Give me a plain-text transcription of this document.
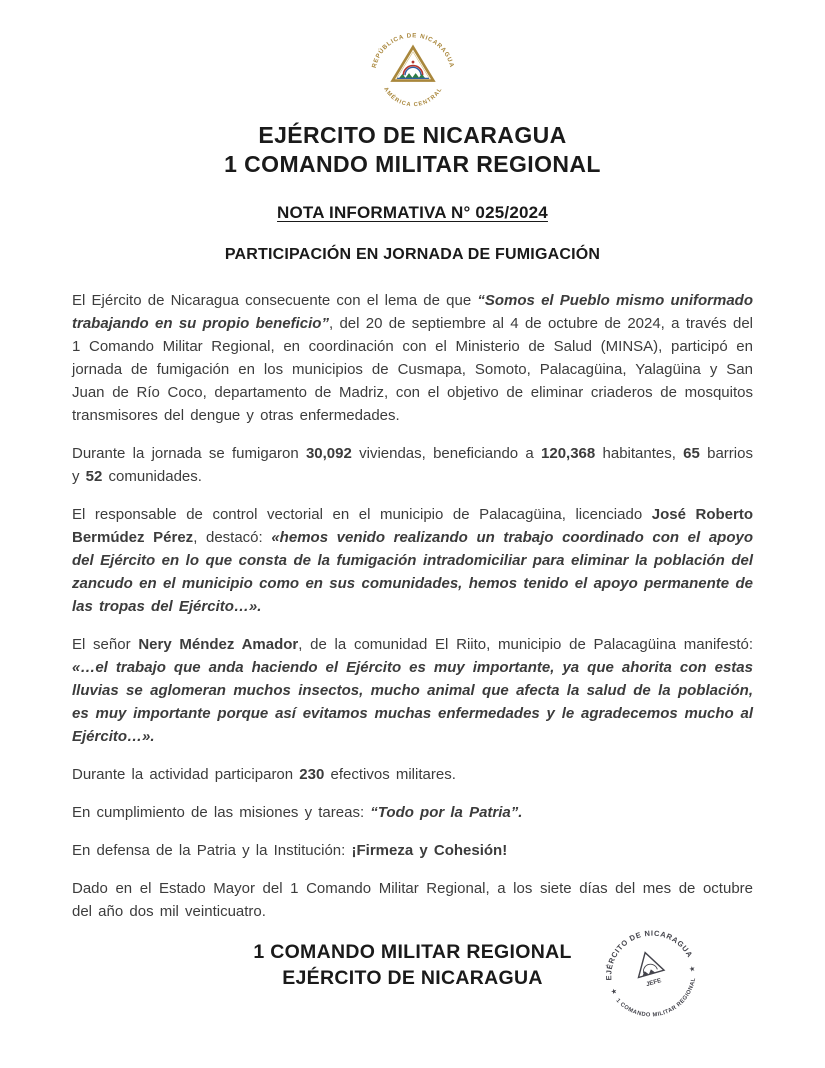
REPÚBLICA DE NICARAGUA
AMÉRICA CENTRAL
EJÉRCITO DE NICARAGUA
1 COMANDO MILITAR REGIONAL
NOTA INFORMATIVA N° 025/2024
PARTICIPACIÓN EN JORNADA DE FUMIGACIÓN

El Ejército de Nicaragua consecuente con el lema de que “Somos el Pueblo mismo uniformado trabajando en su propio beneficio”, del 20 de septiembre al 4 de octubre de 2024, a través del 1 Comando Militar Regional, en coordinación con el Ministerio de Salud (MINSA), participó en jornada de fumigación en los municipios de Cusmapa, Somoto, Palacagüina, Yalagüina y San Juan de Río Coco, departamento de Madriz, con el objetivo de eliminar criaderos de mosquitos transmisores del dengue y otras enfermedades.

Durante la jornada se fumigaron 30,092 viviendas, beneficiando a 120,368 habitantes, 65 barrios y 52 comunidades.

El responsable de control vectorial en el municipio de Palacagüina, licenciado José Roberto Bermúdez Pérez, destacó: «hemos venido realizando un trabajo coordinado con el apoyo del Ejército en lo que consta de la fumigación intradomiciliar para eliminar la población del zancudo en el municipio como en sus comunidades, hemos tenido el apoyo permanente de las tropas del Ejército…».

El señor Nery Méndez Amador, de la comunidad El Riito, municipio de Palacagüina manifestó: «…el trabajo que anda haciendo el Ejército es muy importante, ya que ahorita con estas lluvias se aglomeran muchos insectos, mucho animal que afecta la salud de la población, es muy importante porque así evitamos muchas enfermedades y le agradecemos mucho al Ejército…».

Durante la actividad participaron 230 efectivos militares.

En cumplimiento de las misiones y tareas: “Todo por la Patria”.

En defensa de la Patria y la Institución: ¡Firmeza y Cohesión!

Dado en el Estado Mayor del 1 Comando Militar Regional, a los siete días del mes de octubre del año dos mil veinticuatro.

1 COMANDO MILITAR REGIONAL
EJÉRCITO DE NICARAGUA	EJÉRCITO DE NICARAGUA
1 COMANDO MILITAR REGIONAL
JEFE
★
★
